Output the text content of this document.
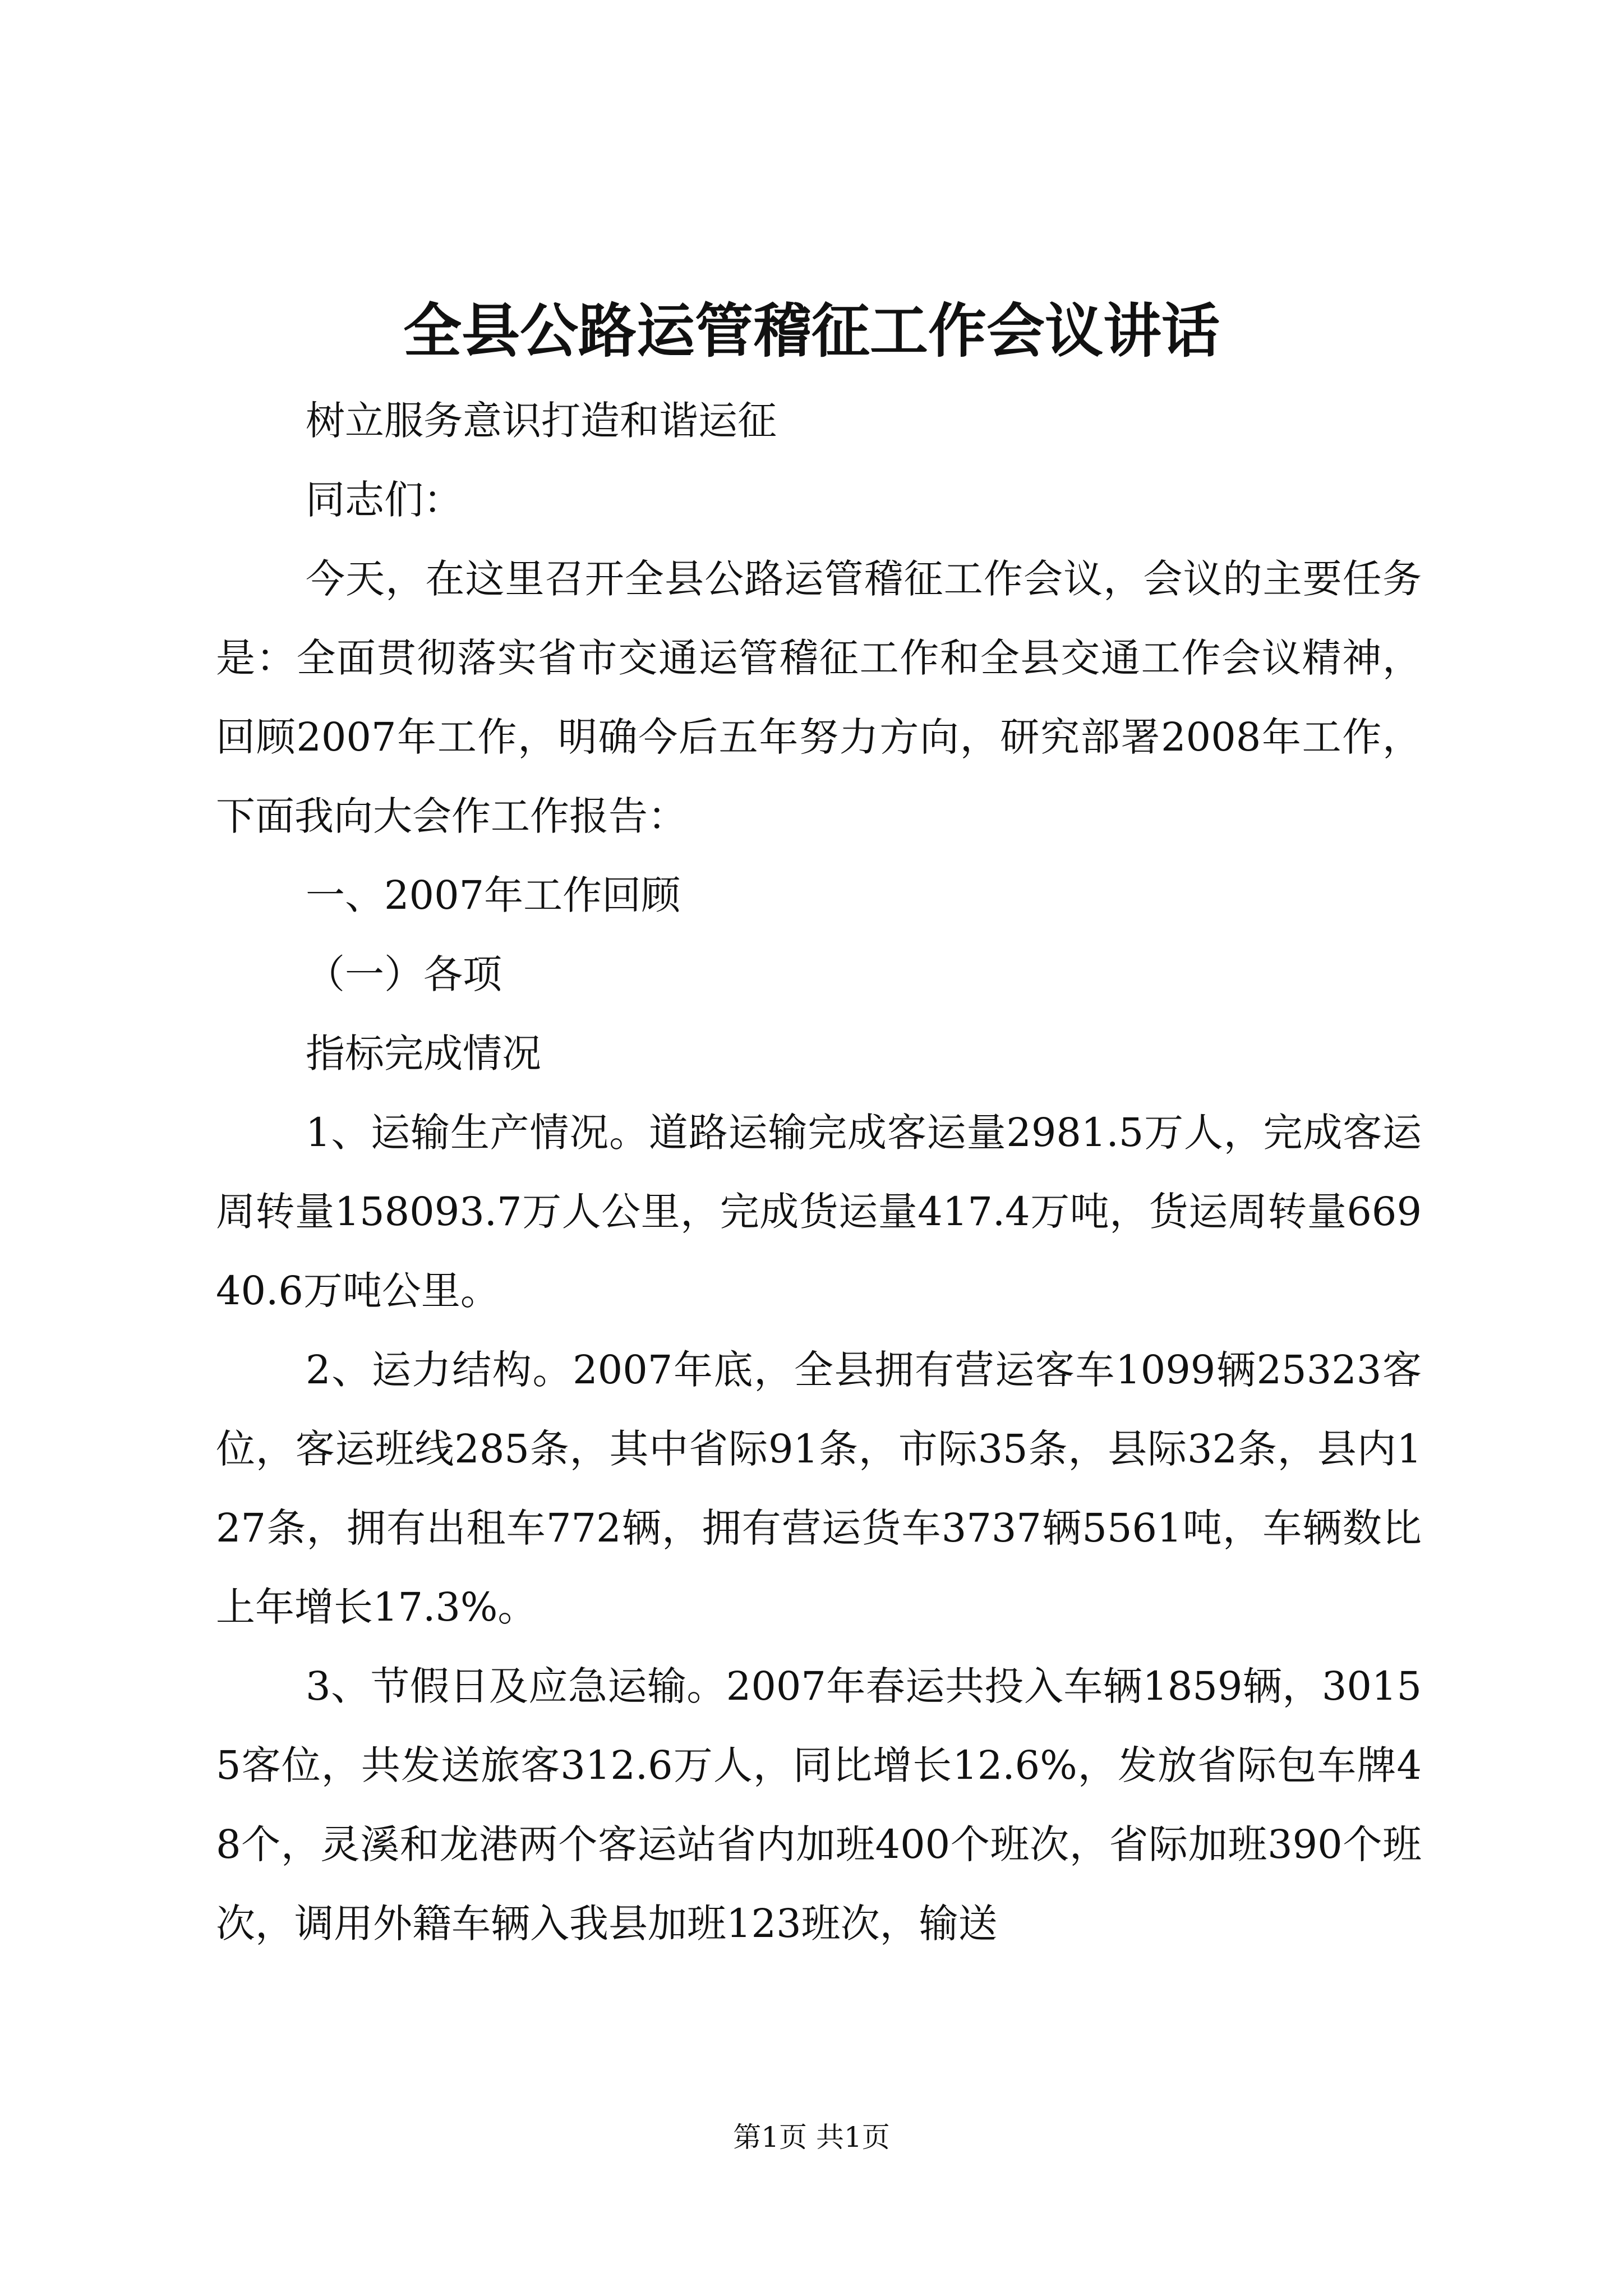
全县公路运管稽征工作会议讲话

树立服务意识打造和谐运征

同志们：

今天，在这里召开全县公路运管稽征工作会议，会议的主要任务是：全面贯彻落实省市交通运管稽征工作和全县交通工作会议精神，回顾2007年工作，明确今后五年努力方向，研究部署2008年工作，下面我向大会作工作报告：

一、2007年工作回顾

（一）各项

指标完成情况

1、运输生产情况。道路运输完成客运量2981.5万人，完成客运周转量158093.7万人公里，完成货运量417.4万吨，货运周转量66940.6万吨公里。

2、运力结构。2007年底，全县拥有营运客车1099辆25323客位，客运班线285条，其中省际91条，市际35条，县际32条，县内127条，拥有出租车772辆，拥有营运货车3737辆5561吨，车辆数比上年增长17.3%。

3、节假日及应急运输。2007年春运共投入车辆1859辆，30155客位，共发送旅客312.6万人，同比增长12.6%，发放省际包车牌48个，灵溪和龙港两个客运站省内加班400个班次，省际加班390个班次，调用外籍车辆入我县加班123班次，输送

第1页 共1页
